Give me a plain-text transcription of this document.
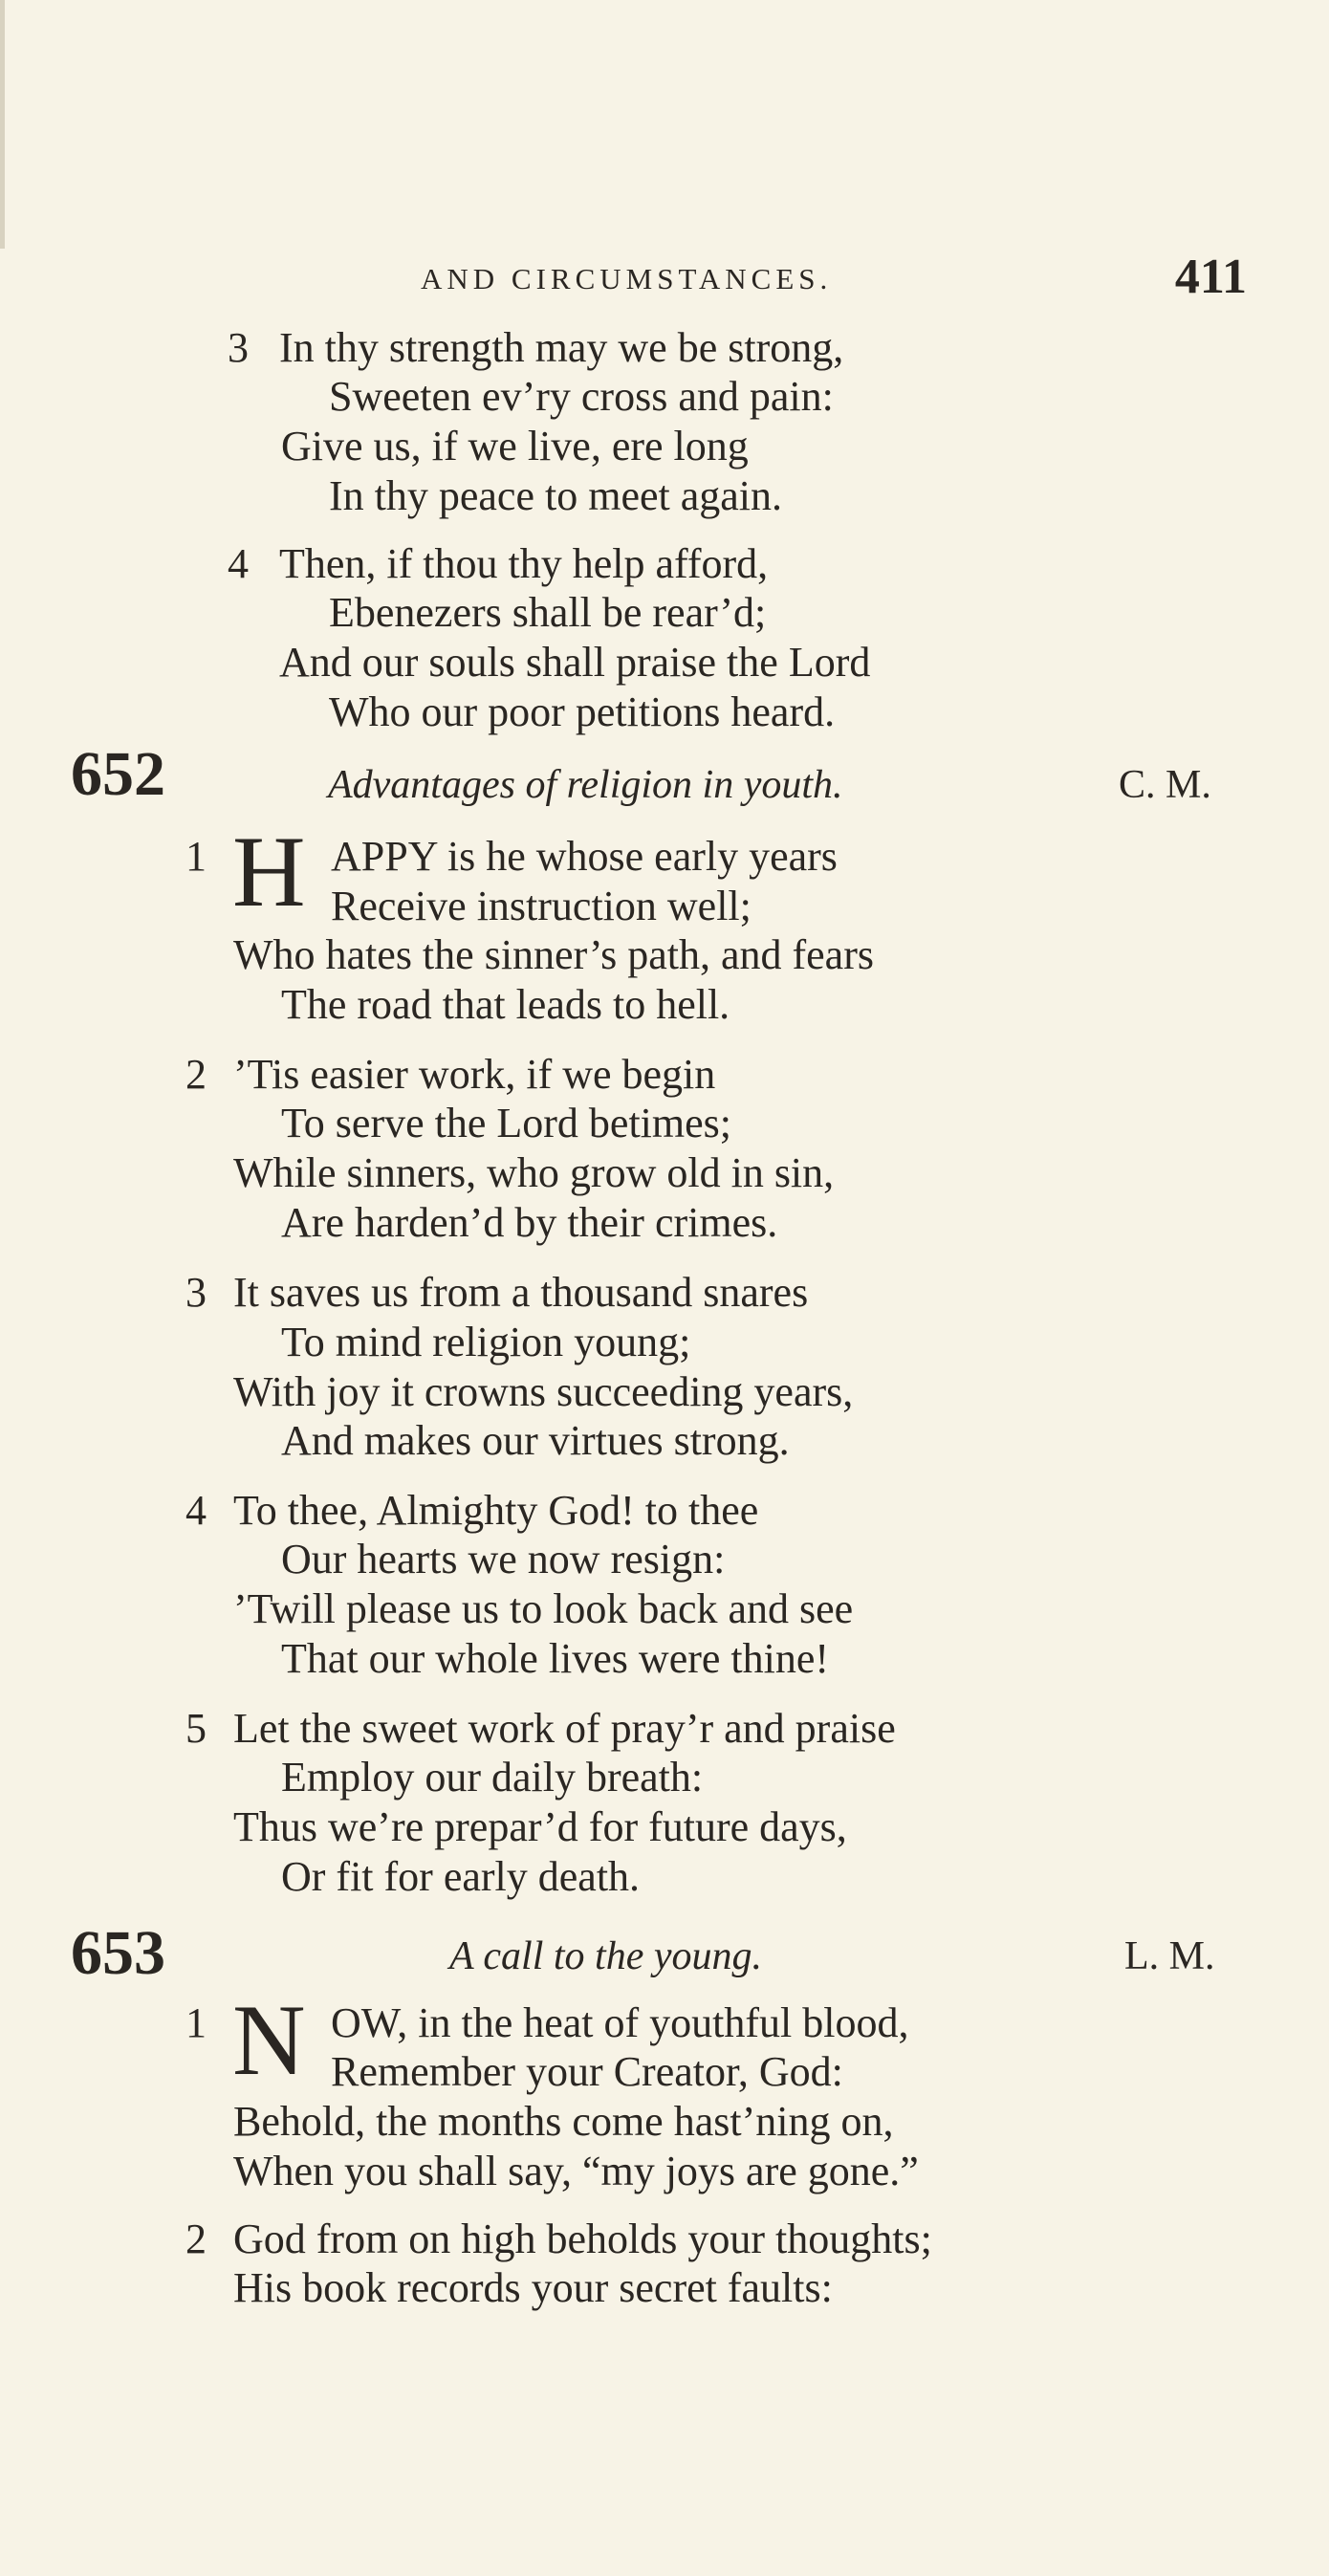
AND CIRCUMSTANCES.	411
3 In thy strength may we be strong,
Sweeten ev’ry cross and pain:
Give us, if we live, ere long
In thy peace to meet again.
4 Then, if thou thy help afford,
Ebenezers shall be rear’d;
And our souls shall praise the Lord
Who our poor petitions heard.
652	Advantages of religion in youth.	C. M.
1 H APPY is he whose early years
Receive instruction well;
Who hates the sinner’s path, and fears
The road that leads to hell.
2 ’Tis easier work, if we begin
To serve the Lord betimes;
While sinners, who grow old in sin,
Are harden’d by their crimes.
3 It saves us from a thousand snares
To mind religion young;
With joy it crowns succeeding years,
And makes our virtues strong.
4 To thee, Almighty God! to thee
Our hearts we now resign:
’Twill please us to look back and see
That our whole lives were thine!
5 Let the sweet work of pray’r and praise
Employ our daily breath:
Thus we’re prepar’d for future days,
Or fit for early death.
653	A call to the young.	L. M.
1 N OW, in the heat of youthful blood,
Remember your Creator, God:
Behold, the months come hast’ning on,
When you shall say, “my joys are gone.”
2 God from on high beholds your thoughts;
His book records your secret faults:
